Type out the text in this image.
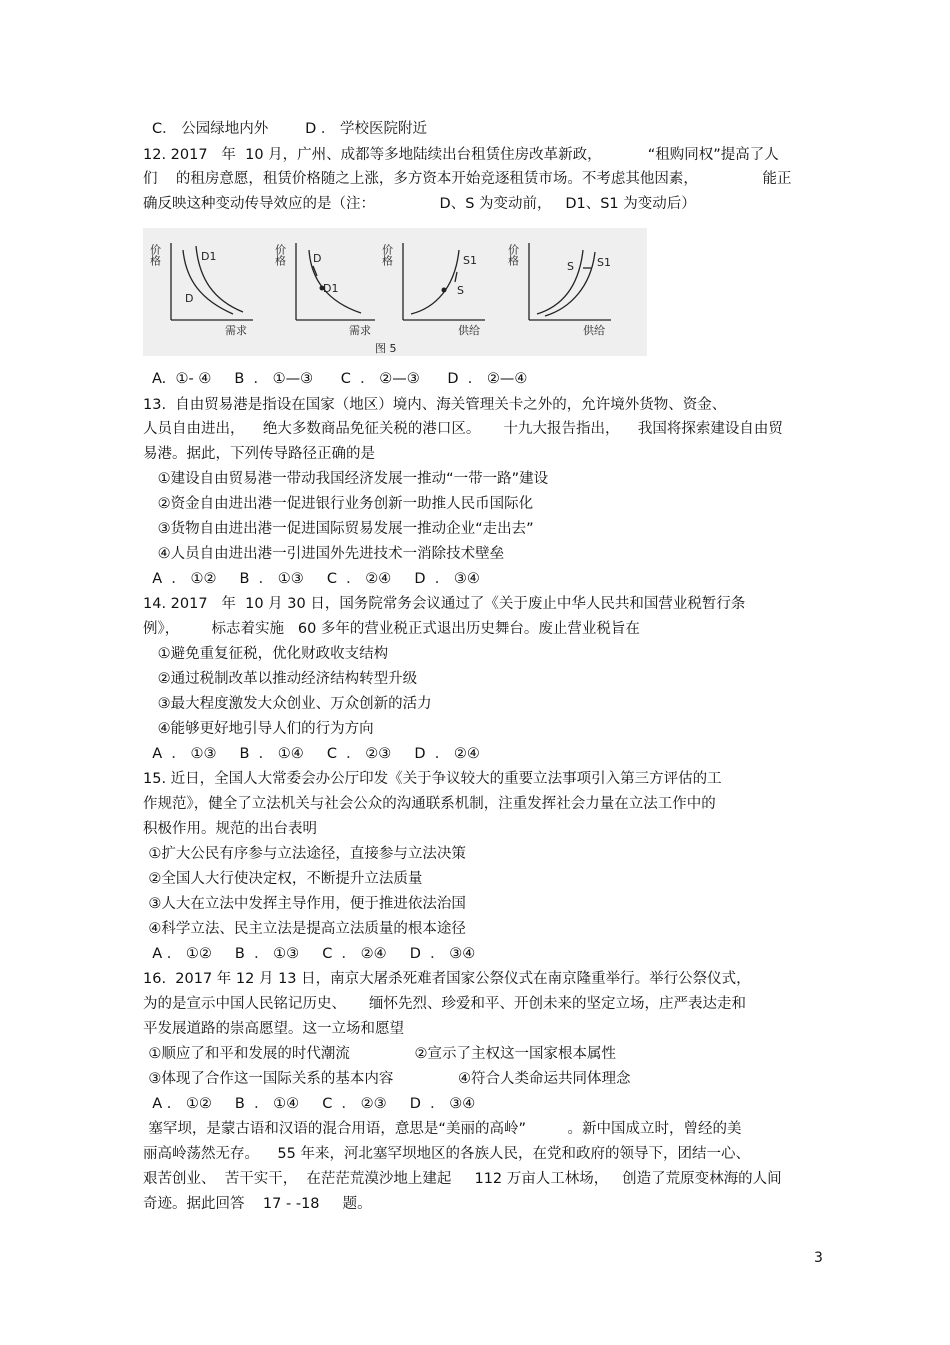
C． 公园绿地内外        D ． 学校医院附近
12. 2017   年  10 月，广州、成都等多地陆续出台租赁住房改革新政，          “租购同权”提高了人
们    的租房意愿，租赁价格随之上涨，多方资本开始竞逐租赁市场。不考虑其他因素，              能正
确反映这种变动传导效应的是（注：              D、S 为变动前，   D1、S1 为变动后）
价格
需求
D1
D
价格
需求
D
D1
价格
供给
S1
S
价格
供给
S S1
图 5
A.  ①- ④     B  ． ①—③      C  ． ②—③      D  ． ②—④
13.  自由贸易港是指设在国家（地区）境内、海关管理关卡之外的，允许境外货物、资金、
人员自由进出，    绝大多数商品免征关税的港口区。     十九大报告指出，    我国将探索建设自由贸
易港。据此，下列传导路径正确的是
①建设自由贸易港一带动我国经济发展一推动“一带一路”建设
②资金自由进出港一促进银行业务创新一助推人民币国际化
③货物自由进出港一促进国际贸易发展一推动企业“走出去”
④人员自由进出港一引进国外先进技术一消除技术壁垒
A  ． ①②     B  ． ①③     C  ． ②④     D  ． ③④
14. 2017   年  10 月 30 日，国务院常务会议通过了《关于废止中华人民共和国营业税暂行条
例》，       标志着实施   60 多年的营业税正式退出历史舞台。废止营业税旨在
①避免重复征税，优化财政收支结构
②通过税制改革以推动经济结构转型升级
③最大程度激发大众创业、万众创新的活力
④能够更好地引导人们的行为方向
A  ． ①③     B  ． ①④     C  ． ②③     D  ． ②④
15. 近日，全国人大常委会办公厅印发《关于争议较大的重要立法事项引入第三方评估的工
作规范》，健全了立法机关与社会公众的沟通联系机制，注重发挥社会力量在立法工作中的
积极作用。规范的出台表明
①扩大公民有序参与立法途径，直接参与立法决策
②全国人大行使决定权，不断提升立法质量
③人大在立法中发挥主导作用，便于推进依法治国
④科学立法、民主立法是提高立法质量的根本途径
A ． ①②     B  ． ①③     C  ． ②④     D  ． ③④
16.  2017 年 12 月 13 日，南京大屠杀死难者国家公祭仪式在南京隆重举行。举行公祭仪式，
为的是宣示中国人民铭记历史、     缅怀先烈、珍爱和平、开创未来的坚定立场，庄严表达走和
平发展道路的崇高愿望。这一立场和愿望
①顺应了和平和发展的时代潮流              ②宣示了主权这一国家根本属性
③体现了合作这一国际关系的基本内容              ④符合人类命运共同体理念
A ． ①②     B  ． ①④     C  ． ②③     D  ． ③④
塞罕坝，是蒙古语和汉语的混合用语，意思是“美丽的高岭”         。新中国成立时，曾经的美
丽高岭荡然无存。    55 年来，河北塞罕坝地区的各族人民，在党和政府的领导下，团结一心、
艰苦创业、  苦干实干，  在茫茫荒漠沙地上建起     112 万亩人工林场，   创造了荒原变林海的人间
奇迹。据此回答    17 - -18     题。
3
